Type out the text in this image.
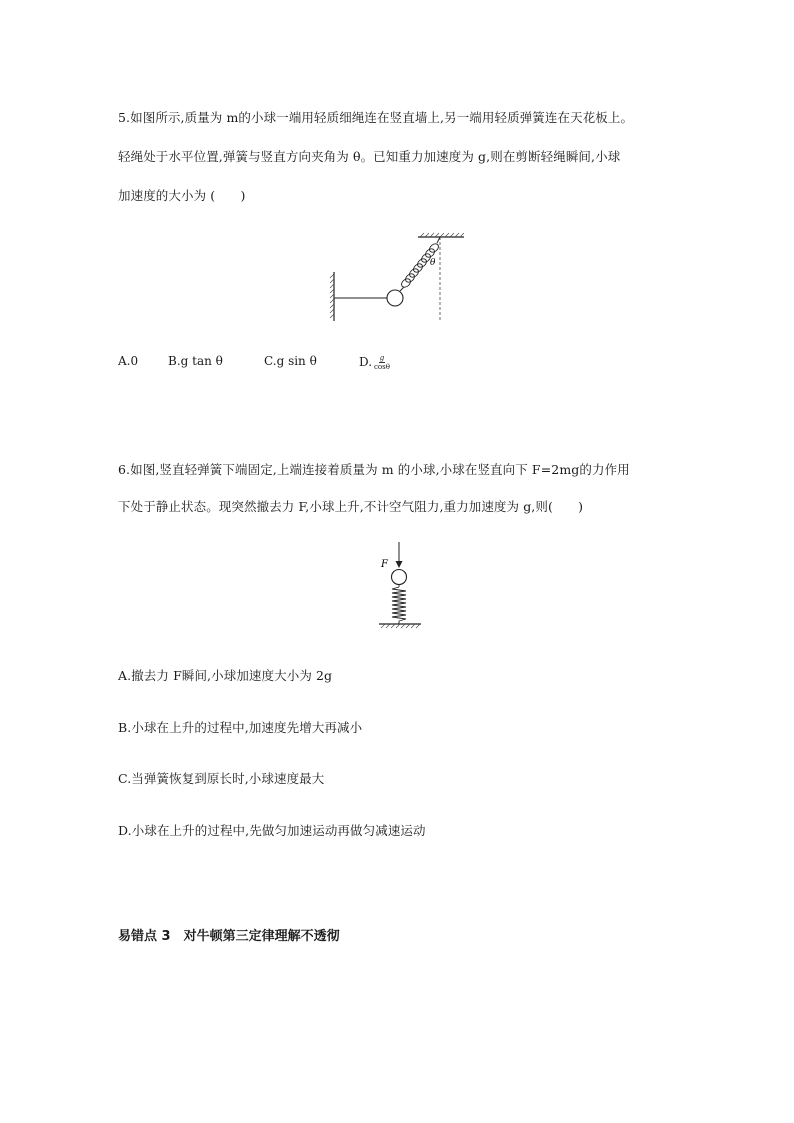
5.如图所示,质量为 m的小球一端用轻质细绳连在竖直墙上,另一端用轻质弹簧连在天花板上。
轻绳处于水平位置,弹簧与竖直方向夹角为 θ。已知重力加速度为 g,则在剪断轻绳瞬间,小球
加速度的大小为 (　　)
θ
A.0 B.g tan θ	C.g sin θ	D. $\frac{g}{\cos\theta}$
6.如图,竖直轻弹簧下端固定,上端连接着质量为 m 的小球,小球在竖直向下 F=2mg的力作用
下处于静止状态。现突然撤去力 F,小球上升,不计空气阻力,重力加速度为 g,则(　　)
F
A.撤去力 F瞬间,小球加速度大小为 2g
B.小球在上升的过程中,加速度先增大再减小
C.当弹簧恢复到原长时,小球速度最大
D.小球在上升的过程中,先做匀加速运动再做匀减速运动
易错点 3　对牛顿第三定律理解不透彻
